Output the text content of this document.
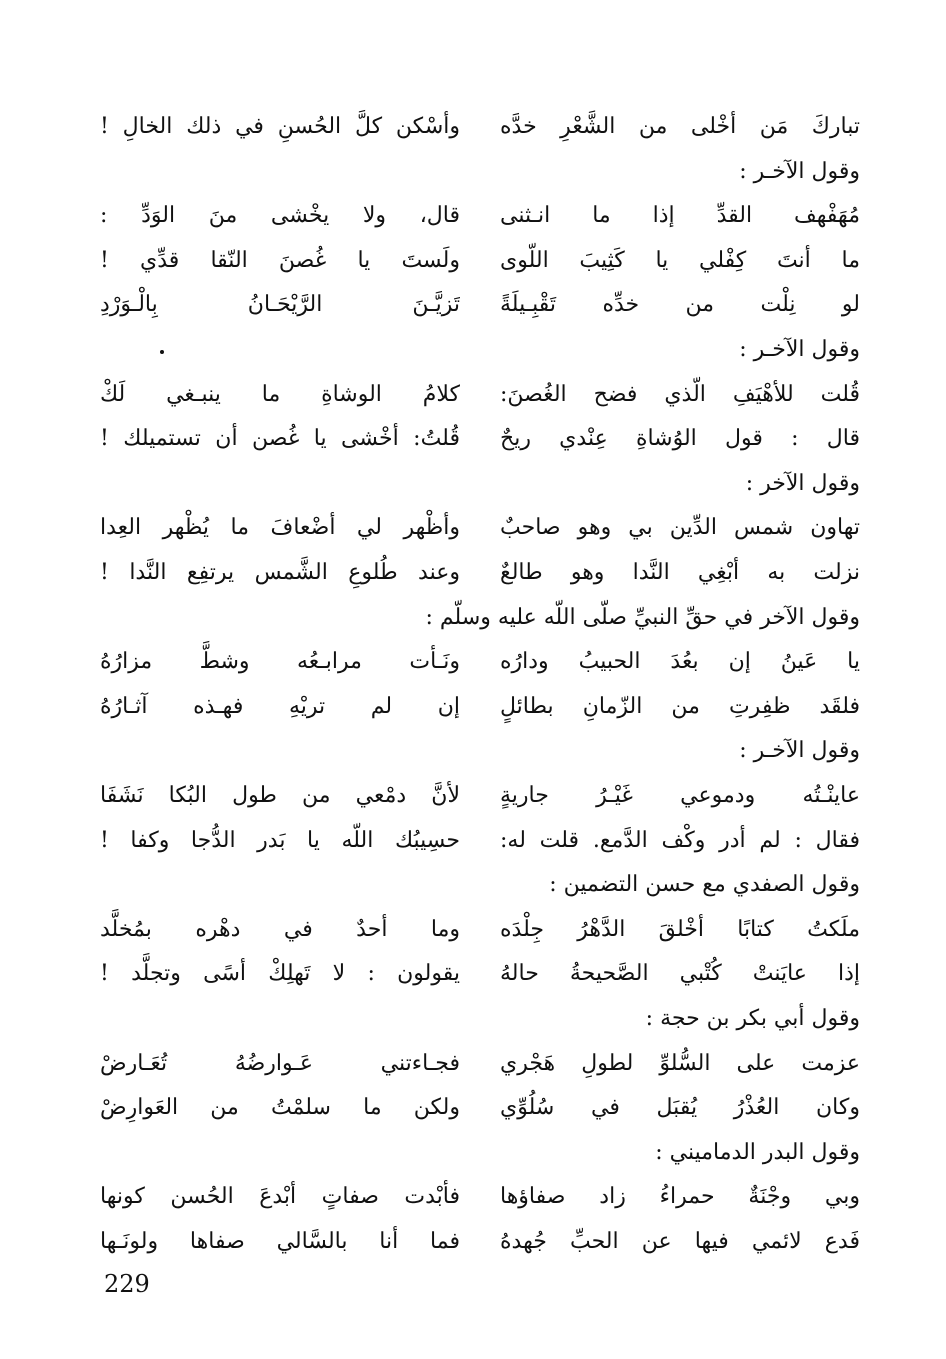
تباركَ مَن أخْلى من الشَّعْرِ خدَّه
وأسْكن كلَّ الحُسنِ في ذلك الخالِ !
وقول الآخـر :
مُهَفْهف القدِّ إذا ما انـثنى
قال، ولا يخْشى منَ الوَدِّ :
ما أنتَ كِفْلي يا كَثِيبَ اللّوى
ولَستَ يا غُصنَ النّقا قدِّي !
لو نِلْت من خدِّه تَقْبِـيلَةً
تَزيَّـنَ الرَّيْحَـانُ بِالْـوَرْدِ
وقول الآخـر :
قُلت للأهْيَفِ الّذي فضح الغُصنَ:
كلامُ الوشاةِ ما ينبـغي لَكْ
قال : قول الوُشاةِ عِنْدي ريحٌ
قُلتُ: أخْشى يا غُصن أن تستميلك !
وقول الآخر :
تهاون شمس الدِّين بي وهو صاحبٌ
وأظْهر لي أضْعافَ ما يُظْهر العِدا
نزلت به أبْغِي النَّدا وهو طالعٌ
وعند طُلوعِ الشَّمس يرتفِع النَّدا !
وقول الآخر في حقِّ النبيِّ صلّى اللّه عليه وسلّم :
يا عَينُ إن بعُدَ الحبيبُ ودارُه
ونَـأت مرابـعُه وشطَّ مزارُهُ
فلقَد ظفِرتِ من الزّمانِ بطائلٍ
إن لم تريْهِ فهـذه آثـارُهُ
وقول الآخـر :
عاينْـتُه ودموعي غَيْـرُ جاريةٍ
لأنَّ دمْعي من طول البُكا نَشَفَا
فقال : لم أدر وكْف الدَّمع. قلت له:
حسِيبُك اللّه يا بَدر الدُّجا وكفا !
وقول الصفدي مع حسن التضمين :
ملَكتُ كتابًا أخْلقَ الدَّهْرُ جِلْدَه
وما أحدٌ في دهْره بمُخلَّد
إذا عايَنتْ كُتْبي الصَّحيحةُ حالهُ
يقولون : لا تَهلِكْ أسًى وتجلَّد !
وقول أبي بكر بن حجة :
عزمت على السُّلوِّ لطولِ هَجْري
فجـاءتني عَـوارضُهُ تُعَـارضْ
وكان العُذْرُ يُقبَل في سُلُوِّي
ولكن ما سلمْتُ من العَوارِضْ
وقول البدر الدماميني :
وبي وجْنَةٌ حمراءُ زاد صفاؤها
فأبْدت صفاتٍ أبْدعَ الحُسن كونها
فَدع لائمي فيها عن الحبِّ جُهدهُ
فما أنا بالسَّالي صفاها ولونَـها
229
